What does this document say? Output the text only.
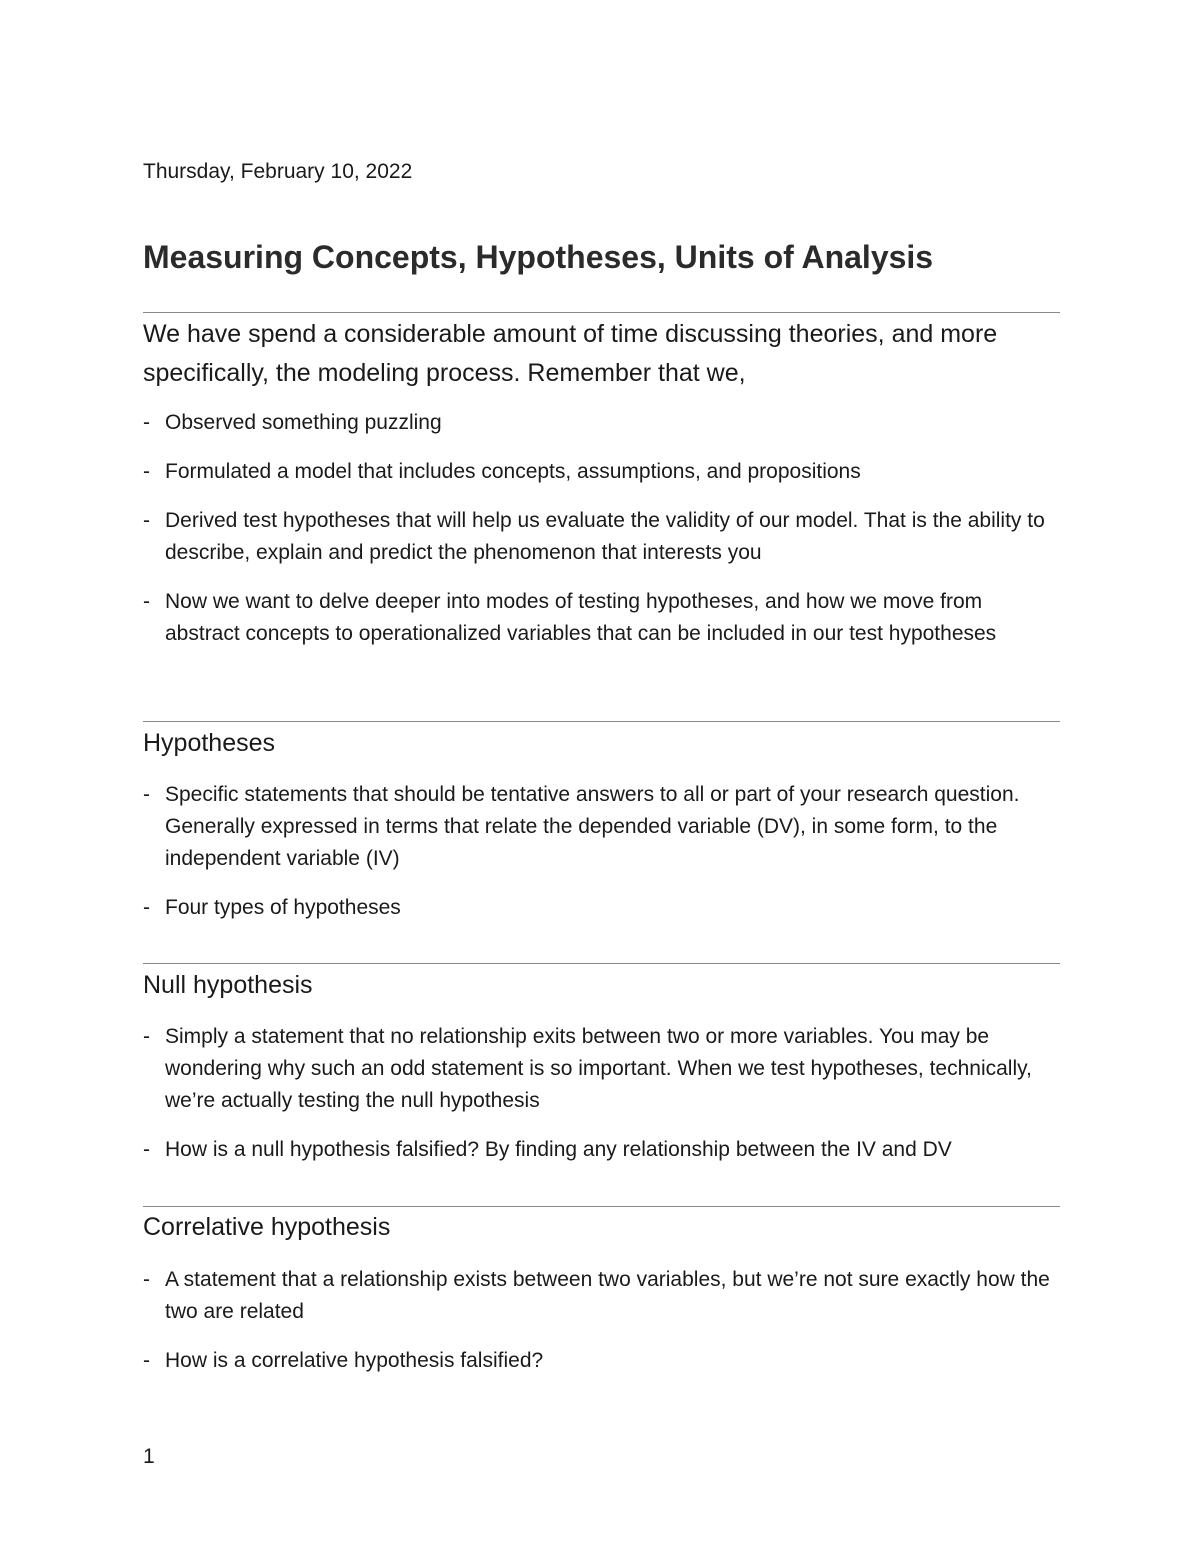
Thursday, February 10, 2022
Measuring Concepts, Hypotheses, Units of Analysis

We have spend a considerable amount of time discussing theories, and more specifically, the modeling process. Remember that we,

- Observed something puzzling
- Formulated a model that includes concepts, assumptions, and propositions
- Derived test hypotheses that will help us evaluate the validity of our model. That is the ability to describe, explain and predict the phenomenon that interests you
- Now we want to delve deeper into modes of testing hypotheses, and how we move from abstract concepts to operationalized variables that can be included in our test hypotheses
Hypotheses
- Specific statements that should be tentative answers to all or part of your research question. Generally expressed in terms that relate the depended variable (DV), in some form, to the independent variable (IV)
- Four types of hypotheses
Null hypothesis
- Simply a statement that no relationship exits between two or more variables. You may be wondering why such an odd statement is so important. When we test hypotheses, technically, we’re actually testing the null hypothesis
- How is a null hypothesis falsified? By finding any relationship between the IV and DV
Correlative hypothesis
- A statement that a relationship exists between two variables, but we’re not sure exactly how the two are related
- How is a correlative hypothesis falsified?
1
